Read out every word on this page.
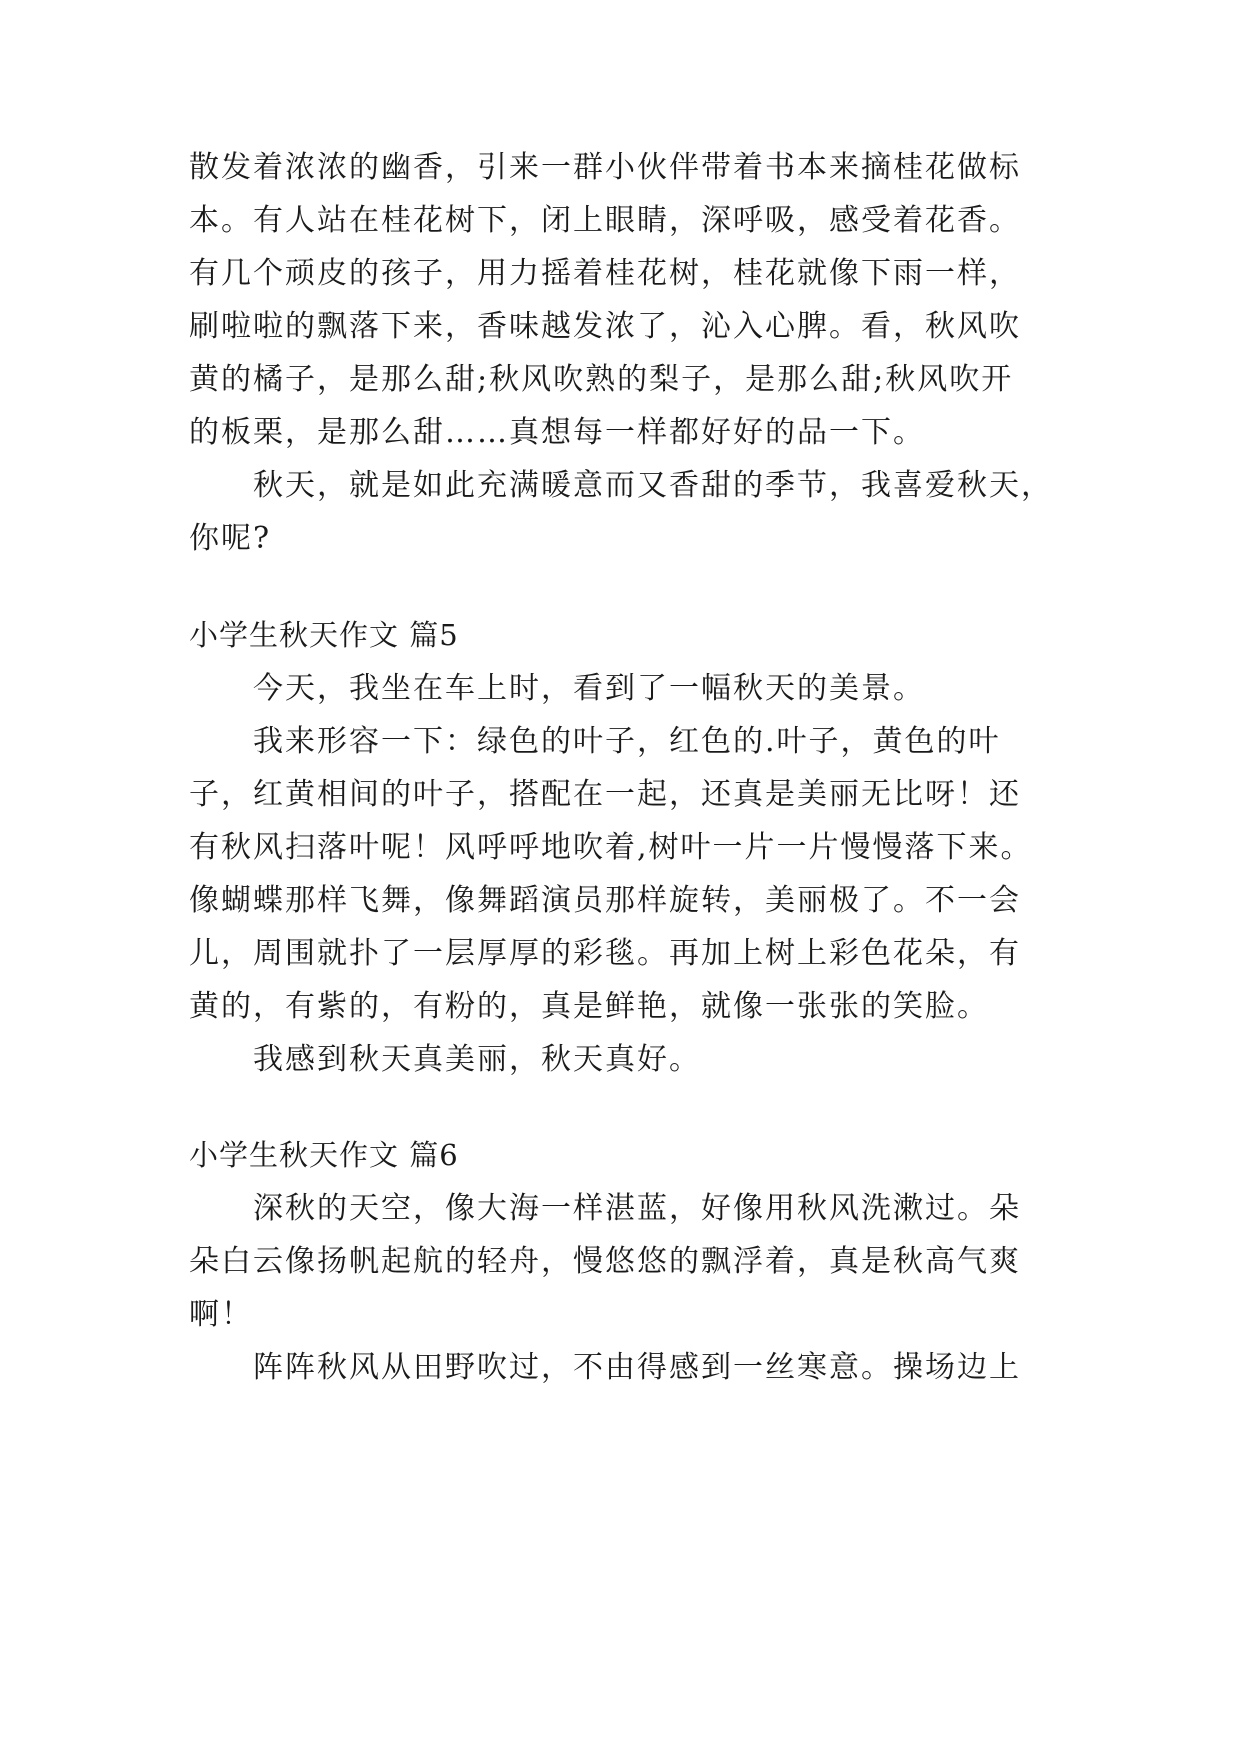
散发着浓浓的幽香，引来一群小伙伴带着书本来摘桂花做标
本。有人站在桂花树下，闭上眼睛，深呼吸，感受着花香。
有几个顽皮的孩子，用力摇着桂花树，桂花就像下雨一样，
刷啦啦的飘落下来，香味越发浓了，沁入心脾。看，秋风吹
黄的橘子，是那么甜;秋风吹熟的梨子，是那么甜;秋风吹开
的板栗，是那么甜……真想每一样都好好的品一下。
秋天，就是如此充满暖意而又香甜的季节，我喜爱秋天，
你呢?
小学生秋天作文 篇5
今天，我坐在车上时，看到了一幅秋天的美景。
我来形容一下：绿色的叶子，红色的.叶子，黄色的叶
子，红黄相间的叶子，搭配在一起，还真是美丽无比呀！还
有秋风扫落叶呢！风呼呼地吹着,树叶一片一片慢慢落下来。
像蝴蝶那样飞舞，像舞蹈演员那样旋转，美丽极了。不一会
儿，周围就扑了一层厚厚的彩毯。再加上树上彩色花朵，有
黄的，有紫的，有粉的，真是鲜艳，就像一张张的笑脸。
我感到秋天真美丽，秋天真好。
小学生秋天作文 篇6
深秋的天空，像大海一样湛蓝，好像用秋风洗漱过。朵
朵白云像扬帆起航的轻舟，慢悠悠的飘浮着，真是秋高气爽
啊！
阵阵秋风从田野吹过，不由得感到一丝寒意。操场边上
